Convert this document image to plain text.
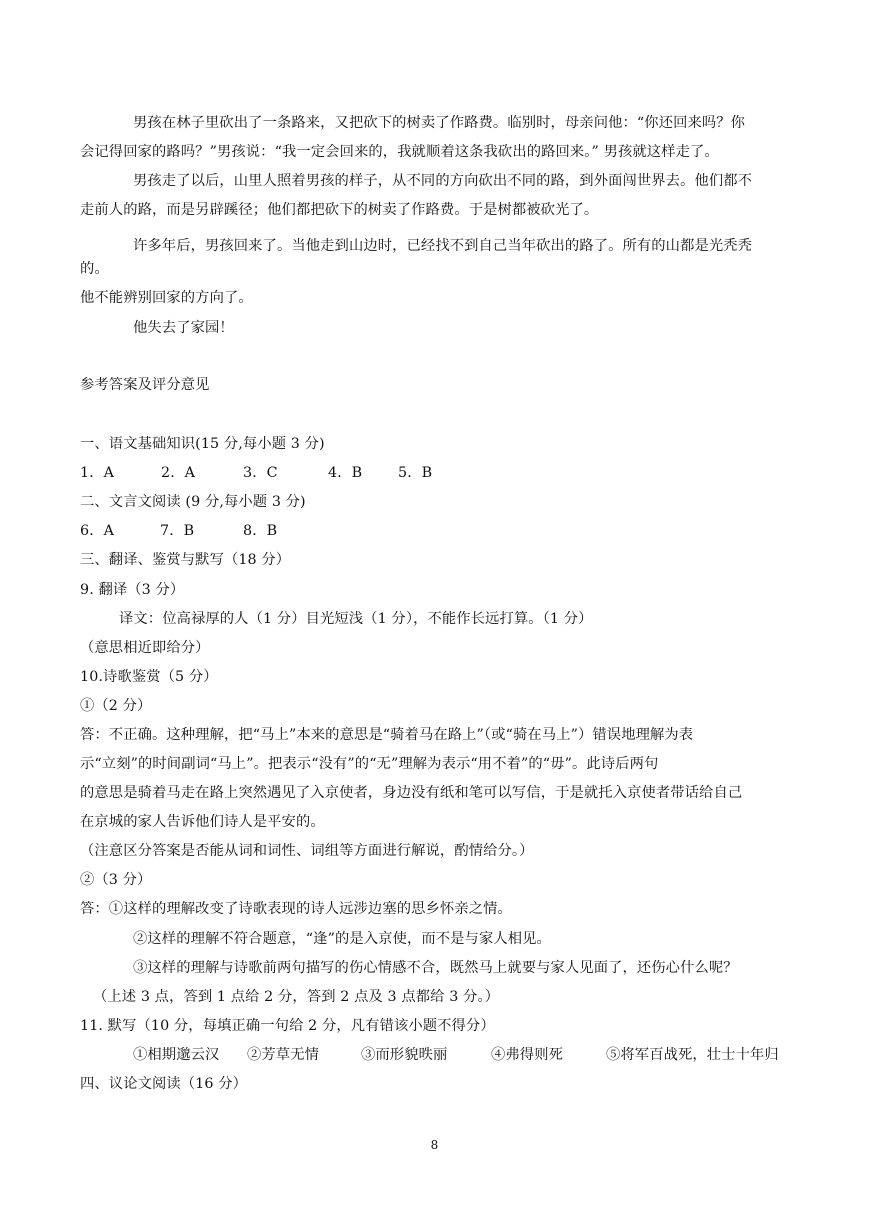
男孩在林子里砍出了一条路来，又把砍下的树卖了作路费。临别时，母亲问他：“你还回来吗？你
会记得回家的路吗？”男孩说：“我一定会回来的，我就顺着这条我砍出的路回来。” 男孩就这样走了。
男孩走了以后，山里人照着男孩的样子，从不同的方向砍出不同的路，到外面闯世界去。他们都不
走前人的路，而是另辟蹊径；他们都把砍下的树卖了作路费。于是树都被砍光了。
许多年后，男孩回来了。当他走到山边时，已经找不到自己当年砍出的路了。所有的山都是光秃秃
的。
他不能辨别回家的方向了。
他失去了家园！
参考答案及评分意见
一、语文基础知识(15 分,每小题 3 分)
1．A	2．A	3．C	4．B	5．B
二、文言文阅读 (9 分,每小题 3 分)
6．A	7．B	8．B
三、翻译、鉴赏与默写（18 分）
9. 翻译（3 分）
译文：位高禄厚的人（1 分）目光短浅（1 分），不能作长远打算。（1 分）
（意思相近即给分）
10.诗歌鉴赏（5 分）
①（2 分）
答：不正确。这种理解，把“马上”本来的意思是“骑着马在路上”（或“骑在马上”）错误地理解为表
示“立刻”的时间副词“马上”。把表示“没有”的“无”理解为表示“用不着”的“毋”。此诗后两句
的意思是骑着马走在路上突然遇见了入京使者，身边没有纸和笔可以写信，于是就托入京使者带话给自己
在京城的家人告诉他们诗人是平安的。
（注意区分答案是否能从词和词性、词组等方面进行解说，酌情给分。）
②（3 分）
答：①这样的理解改变了诗歌表现的诗人远涉边塞的思乡怀亲之情。
②这样的理解不符合题意，“逢”的是入京使，而不是与家人相见。
③这样的理解与诗歌前两句描写的伤心情感不合，既然马上就要与家人见面了，还伤心什么呢？
（上述 3 点，答到 1 点给 2 分，答到 2 点及 3 点都给 3 分。）
11. 默写（10 分，每填正确一句给 2 分，凡有错该小题不得分）
①相期邈云汉 ②芳草无情	③而形貌昳丽	④弗得则死	⑤将军百战死，壮士十年归
四、议论文阅读（16 分）
8
